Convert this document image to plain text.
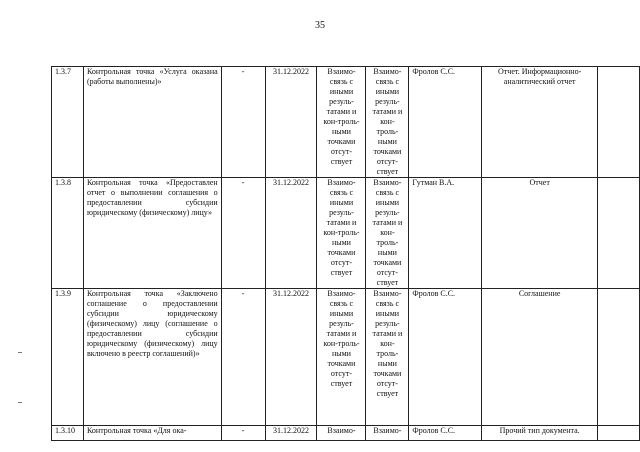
35
1.3.7	Контрольная точка «Услуга оказана (работы выполнены)»	-	31.12.2022	Взаимо-связь с иными резуль-татами и кон-троль-ными точками отсут-ствует	Взаимо-связь с иными резуль-татами и кон-троль-ными точками отсут-ствует	Фролов С.С.	Отчет. Информационно-аналитический отчет	
1.3.8	Контрольная точка «Предоставлен отчет о выполнении соглашения о предоставлении субсидии юридическому (физическому) лицу»	-	31.12.2022	Взаимо-связь с иными резуль-татами и кон-троль-ными точками отсут-ствует	Взаимо-связь с иными резуль-татами и кон-троль-ными точками отсут-ствует	Гутман В.А.	Отчет	
1.3.9	Контрольная точка «Заключено соглашение о предоставлении субсидии юридическому (физическому) лицу (соглашение о предоставлении субсидии юридическому (физическому) лицу включено в реестр соглашений)»	-	31.12.2022	Взаимо-связь с иными резуль-татами и кон-троль-ными точками отсут-ствует	Взаимо-связь с иными резуль-татами и кон-троль-ными точками отсут-ствует	Фролов С.С.	Соглашение	
1.3.10	Контрольная точка «Для ока-	-	31.12.2022	Взаимо-	Взаимо-	Фролов С.С.	Прочий тип документа.	
